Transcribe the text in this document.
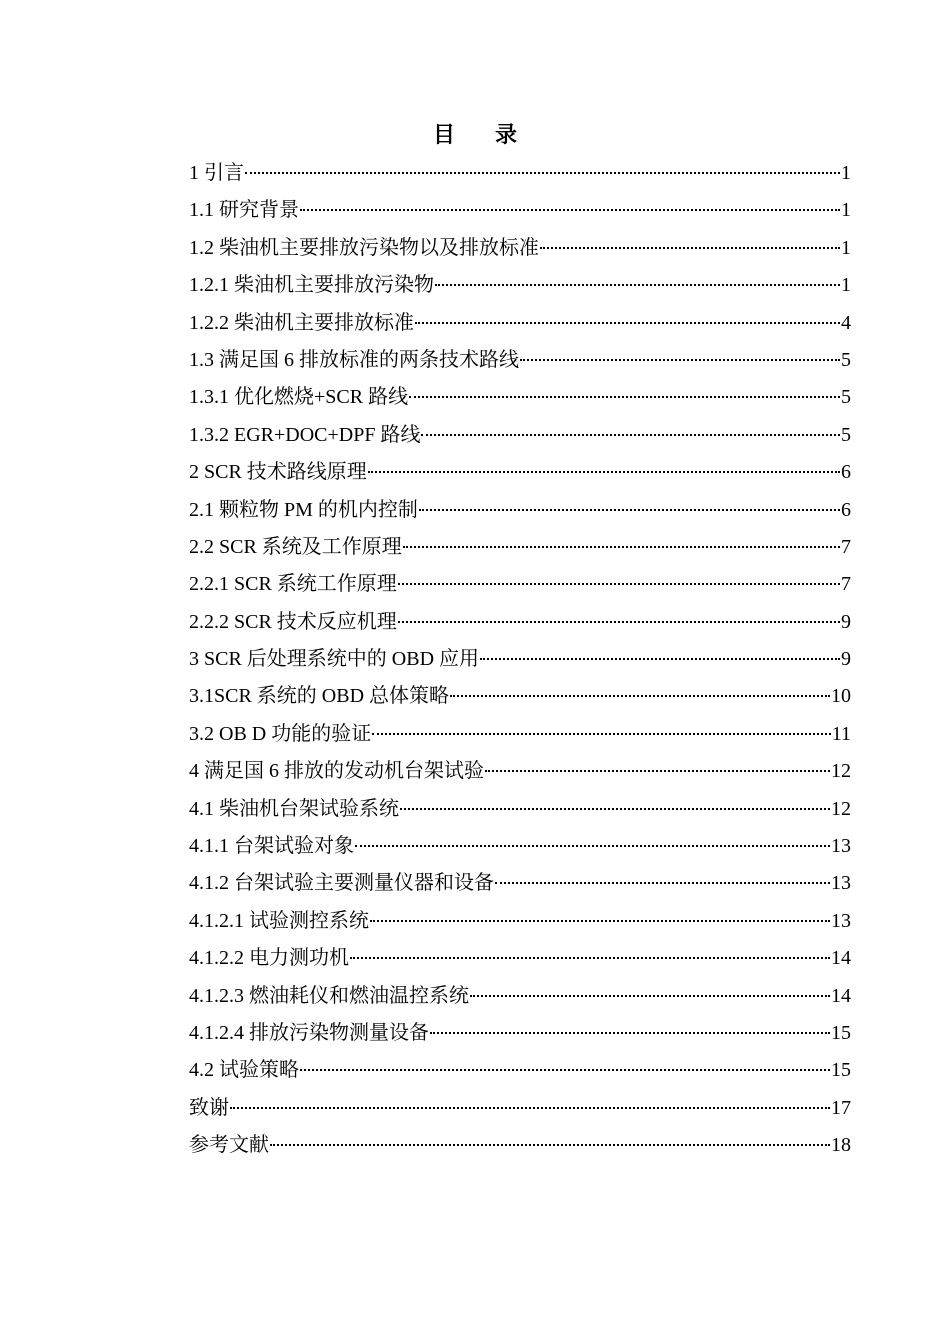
目 录
1 引言	1
1.1 研究背景	1
1.2 柴油机主要排放污染物以及排放标准	1
1.2.1 柴油机主要排放污染物	1
1.2.2 柴油机主要排放标准	4
1.3 满足国 6 排放标准的两条技术路线	5
1.3.1 优化燃烧+SCR 路线	5
1.3.2 EGR+DOC+DPF 路线	5
2 SCR 技术路线原理	6
2.1 颗粒物 PM 的机内控制	6
2.2 SCR 系统及工作原理	7
2.2.1 SCR 系统工作原理	7
2.2.2 SCR 技术反应机理	9
3 SCR 后处理系统中的 OBD 应用	9
3.1SCR 系统的 OBD 总体策略	10
3.2 OB D 功能的验证	11
4 满足国 6 排放的发动机台架试验	12
4.1 柴油机台架试验系统	12
4.1.1 台架试验对象	13
4.1.2 台架试验主要测量仪器和设备	13
4.1.2.1 试验测控系统	13
4.1.2.2 电力测功机	14
4.1.2.3 燃油耗仪和燃油温控系统	14
4.1.2.4 排放污染物测量设备	15
4.2 试验策略	15
致谢	17
参考文献	18
